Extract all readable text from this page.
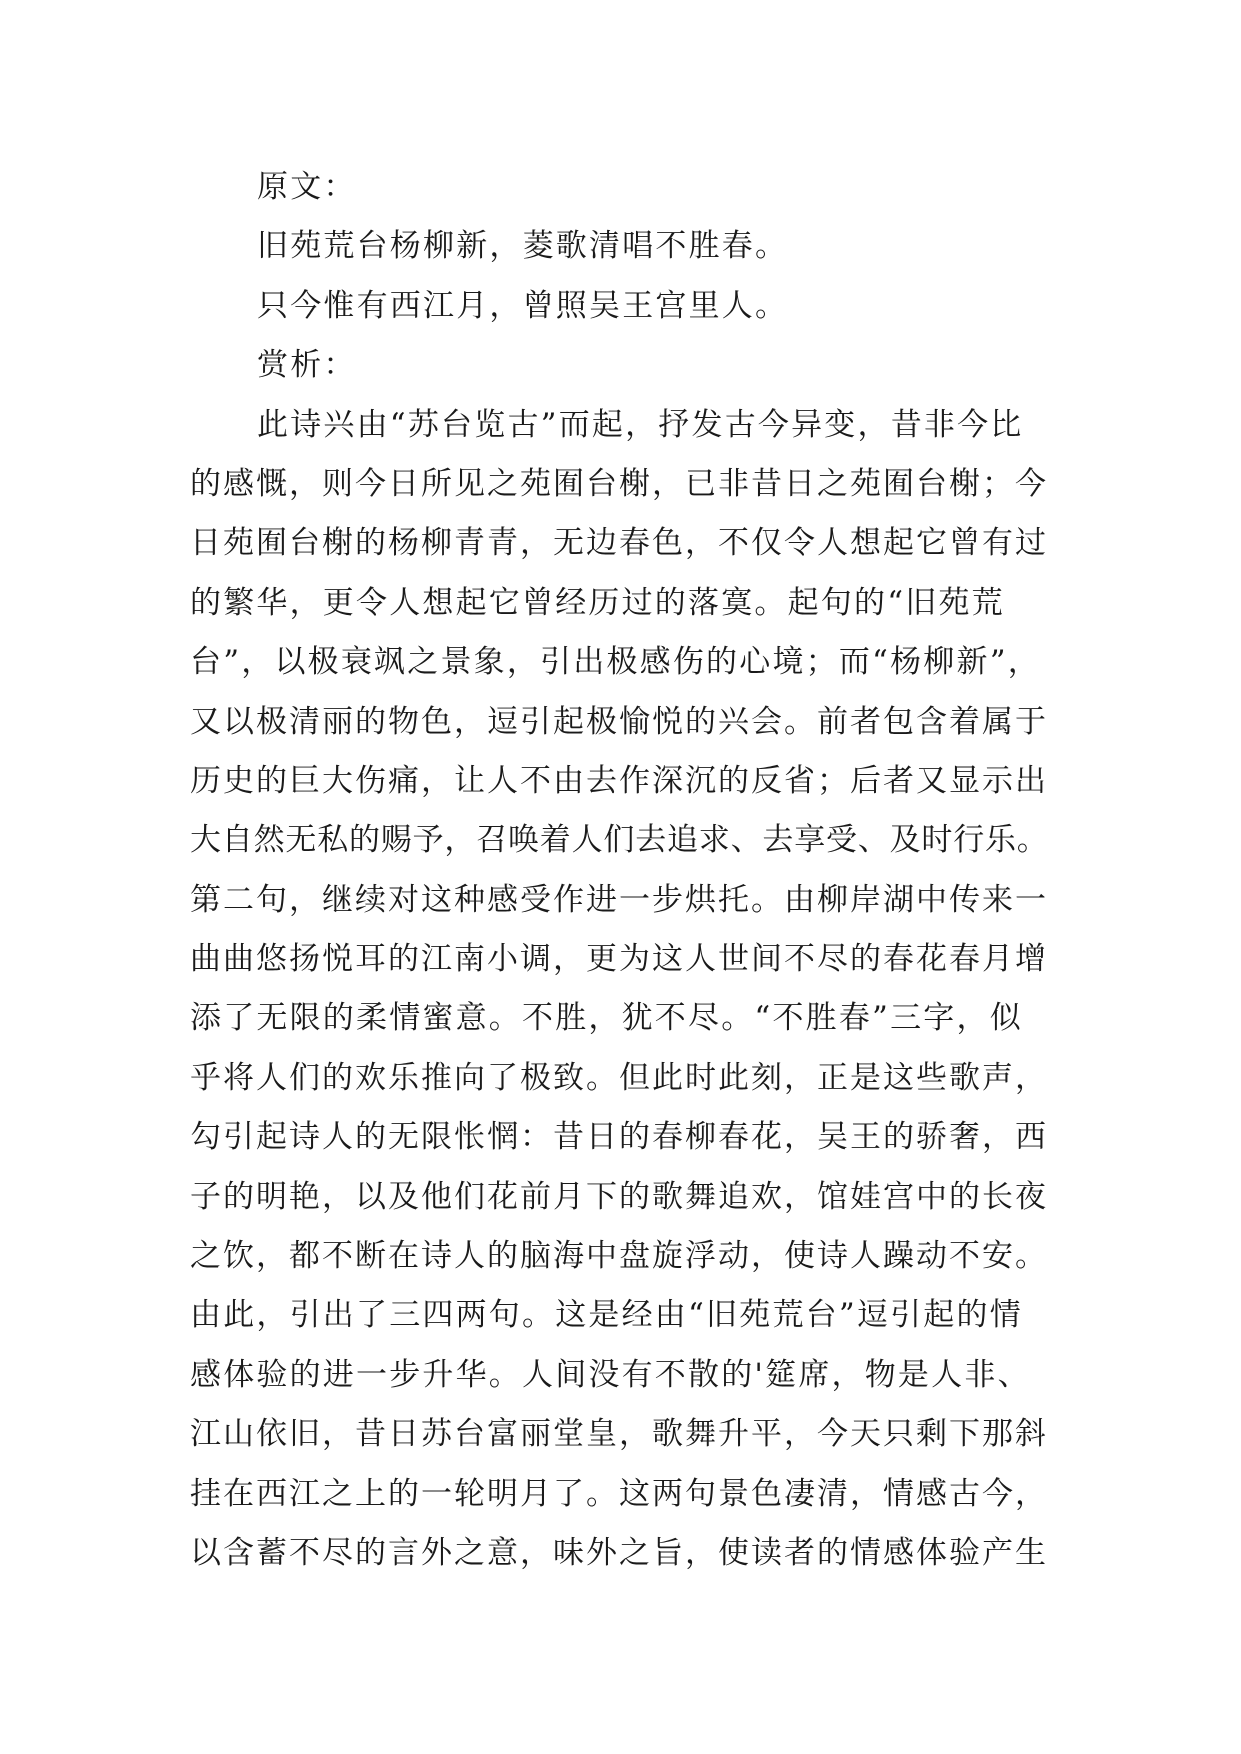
原文：
旧苑荒台杨柳新，菱歌清唱不胜春。
只今惟有西江月，曾照吴王宫里人。
赏析：
此诗兴由“苏台览古”而起，抒发古今异变，昔非今比
的感慨，则今日所见之苑囿台榭，已非昔日之苑囿台榭；今
日苑囿台榭的杨柳青青，无边春色，不仅令人想起它曾有过
的繁华，更令人想起它曾经历过的落寞。起句的“旧苑荒
台”，以极衰飒之景象，引出极感伤的心境；而“杨柳新”，
又以极清丽的物色，逗引起极愉悦的兴会。前者包含着属于
历史的巨大伤痛，让人不由去作深沉的反省；后者又显示出
大自然无私的赐予，召唤着人们去追求、去享受、及时行乐。
第二句，继续对这种感受作进一步烘托。由柳岸湖中传来一
曲曲悠扬悦耳的江南小调，更为这人世间不尽的春花春月增
添了无限的柔情蜜意。不胜，犹不尽。“不胜春”三字，似
乎将人们的欢乐推向了极致。但此时此刻，正是这些歌声，
勾引起诗人的无限怅惘：昔日的春柳春花，吴王的骄奢，西
子的明艳，以及他们花前月下的歌舞追欢，馆娃宫中的长夜
之饮，都不断在诗人的脑海中盘旋浮动，使诗人躁动不安。
由此，引出了三四两句。这是经由“旧苑荒台”逗引起的情
感体验的进一步升华。人间没有不散的'筵席，物是人非、
江山依旧，昔日苏台富丽堂皇，歌舞升平，今天只剩下那斜
挂在西江之上的一轮明月了。这两句景色凄清，情感古今，
以含蓄不尽的言外之意，味外之旨，使读者的情感体验产生
